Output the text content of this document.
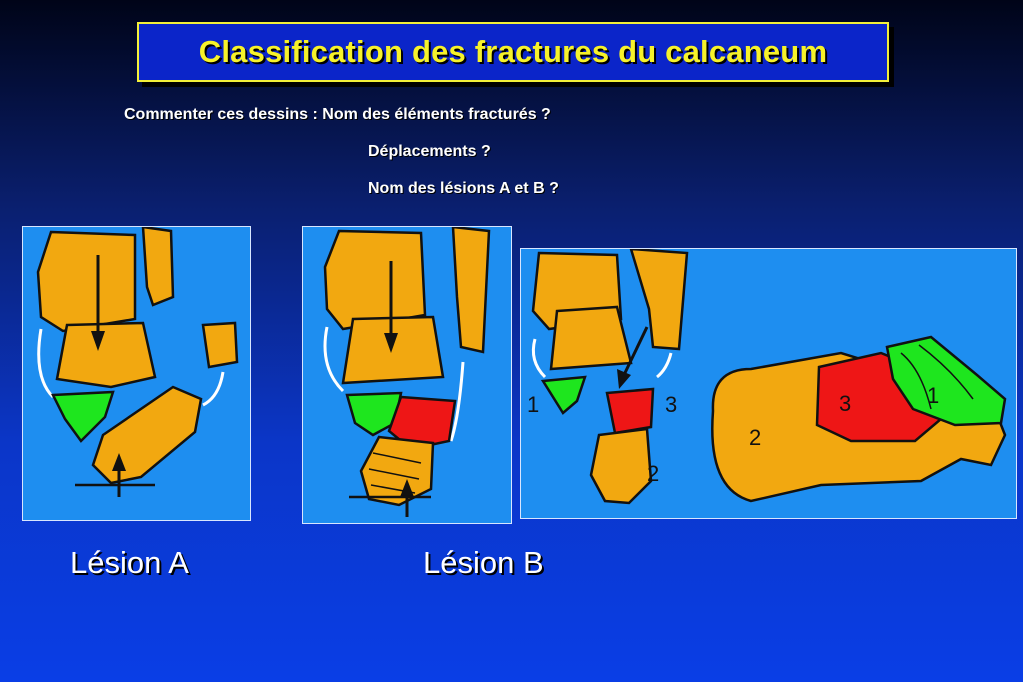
Classification des fractures du calcaneum
Commenter ces dessins : Nom des éléments fracturés ?
Déplacements ?
Nom des lésions A et B ?
1	3
2
3	1
2
Lésion A	Lésion B
